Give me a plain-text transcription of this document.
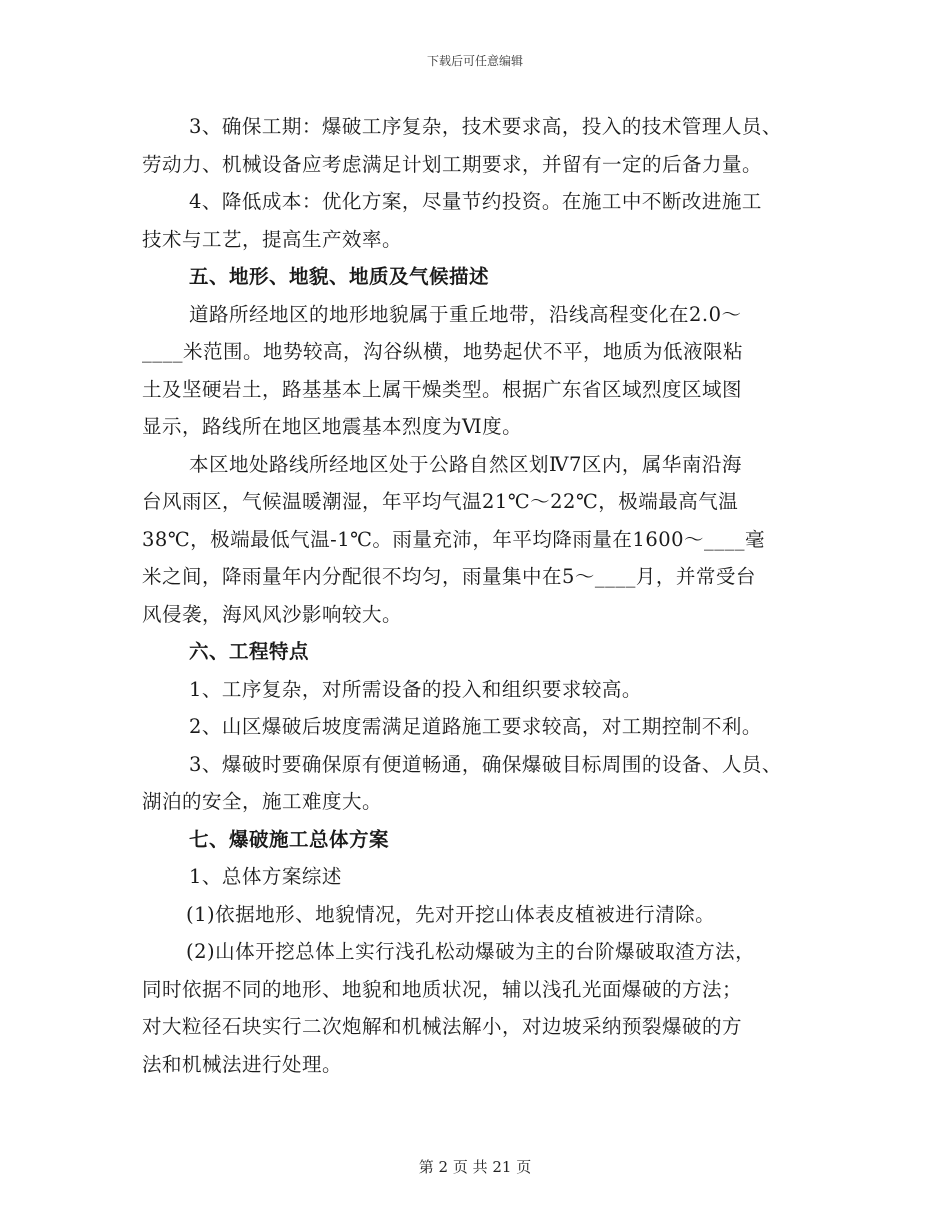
下载后可任意编辑
3、确保工期：爆破工序复杂，技术要求高，投入的技术管理人员、
劳动力、机械设备应考虑满足计划工期要求，并留有一定的后备力量。
4、降低成本：优化方案，尽量节约投资。在施工中不断改进施工
技术与工艺，提高生产效率。
五、地形、地貌、地质及气候描述
道路所经地区的地形地貌属于重丘地带，沿线高程变化在2.0～
____米范围。地势较高，沟谷纵横，地势起伏不平，地质为低液限粘
土及坚硬岩土，路基基本上属干燥类型。根据广东省区域烈度区域图
显示，路线所在地区地震基本烈度为Ⅵ度。
本区地处路线所经地区处于公路自然区划Ⅳ7区内，属华南沿海
台风雨区，气候温暖潮湿，年平均气温21℃～22℃，极端最高气温
38℃，极端最低气温-1℃。雨量充沛，年平均降雨量在1600～____毫
米之间，降雨量年内分配很不均匀，雨量集中在5～____月，并常受台
风侵袭，海风风沙影响较大。
六、工程特点
1、工序复杂，对所需设备的投入和组织要求较高。
2、山区爆破后坡度需满足道路施工要求较高，对工期控制不利。
3、爆破时要确保原有便道畅通，确保爆破目标周围的设备、人员、
湖泊的安全，施工难度大。
七、爆破施工总体方案
1、总体方案综述
(1)依据地形、地貌情况，先对开挖山体表皮植被进行清除。
(2)山体开挖总体上实行浅孔松动爆破为主的台阶爆破取渣方法，
同时依据不同的地形、地貌和地质状况，辅以浅孔光面爆破的方法；
对大粒径石块实行二次炮解和机械法解小，对边坡采纳预裂爆破的方
法和机械法进行处理。
第 2 页 共 21 页
